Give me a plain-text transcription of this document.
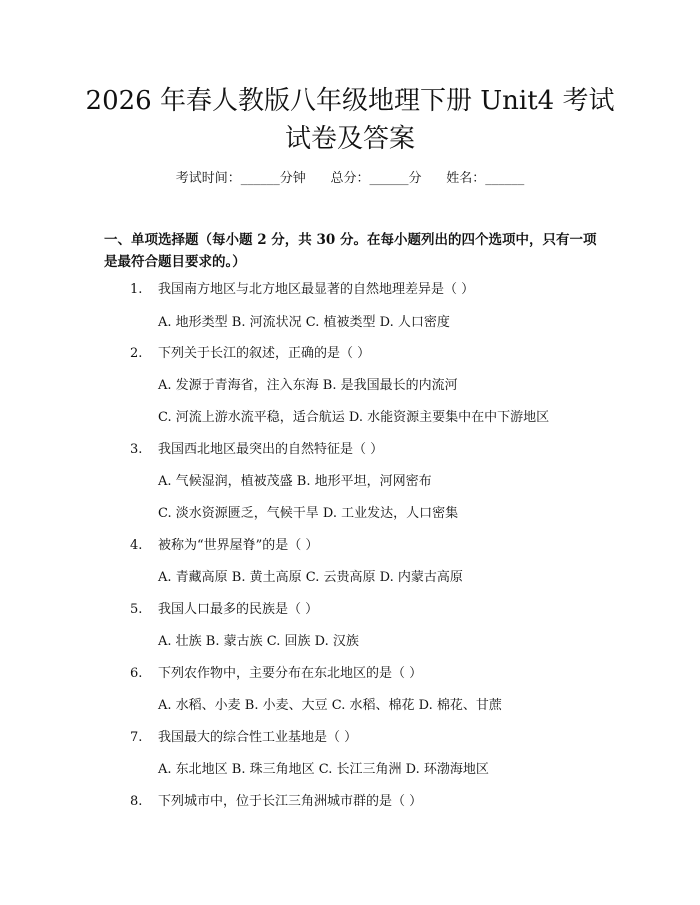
2026 年春人教版八年级地理下册 Unit4 考试
试卷及答案
考试时间：______分钟      总分：______分      姓名：______
一、单项选择题（每小题 2 分，共 30 分。在每小题列出的四个选项中，只有一项
是最符合题目要求的。）
1. 我国南方地区与北方地区最显著的自然地理差异是（ ）
A. 地形类型 B. 河流状况 C. 植被类型 D. 人口密度
2. 下列关于长江的叙述，正确的是（ ）
A. 发源于青海省，注入东海 B. 是我国最长的内流河
C. 河流上游水流平稳，适合航运 D. 水能资源主要集中在中下游地区
3. 我国西北地区最突出的自然特征是（ ）
A. 气候湿润，植被茂盛 B. 地形平坦，河网密布
C. 淡水资源匮乏，气候干旱 D. 工业发达，人口密集
4. 被称为“世界屋脊”的是（ ）
A. 青藏高原 B. 黄土高原 C. 云贵高原 D. 内蒙古高原
5. 我国人口最多的民族是（ ）
A. 壮族 B. 蒙古族 C. 回族 D. 汉族
6. 下列农作物中，主要分布在东北地区的是（ ）
A. 水稻、小麦 B. 小麦、大豆 C. 水稻、棉花 D. 棉花、甘蔗
7. 我国最大的综合性工业基地是（ ）
A. 东北地区 B. 珠三角地区 C. 长江三角洲 D. 环渤海地区
8. 下列城市中，位于长江三角洲城市群的是（ ）
